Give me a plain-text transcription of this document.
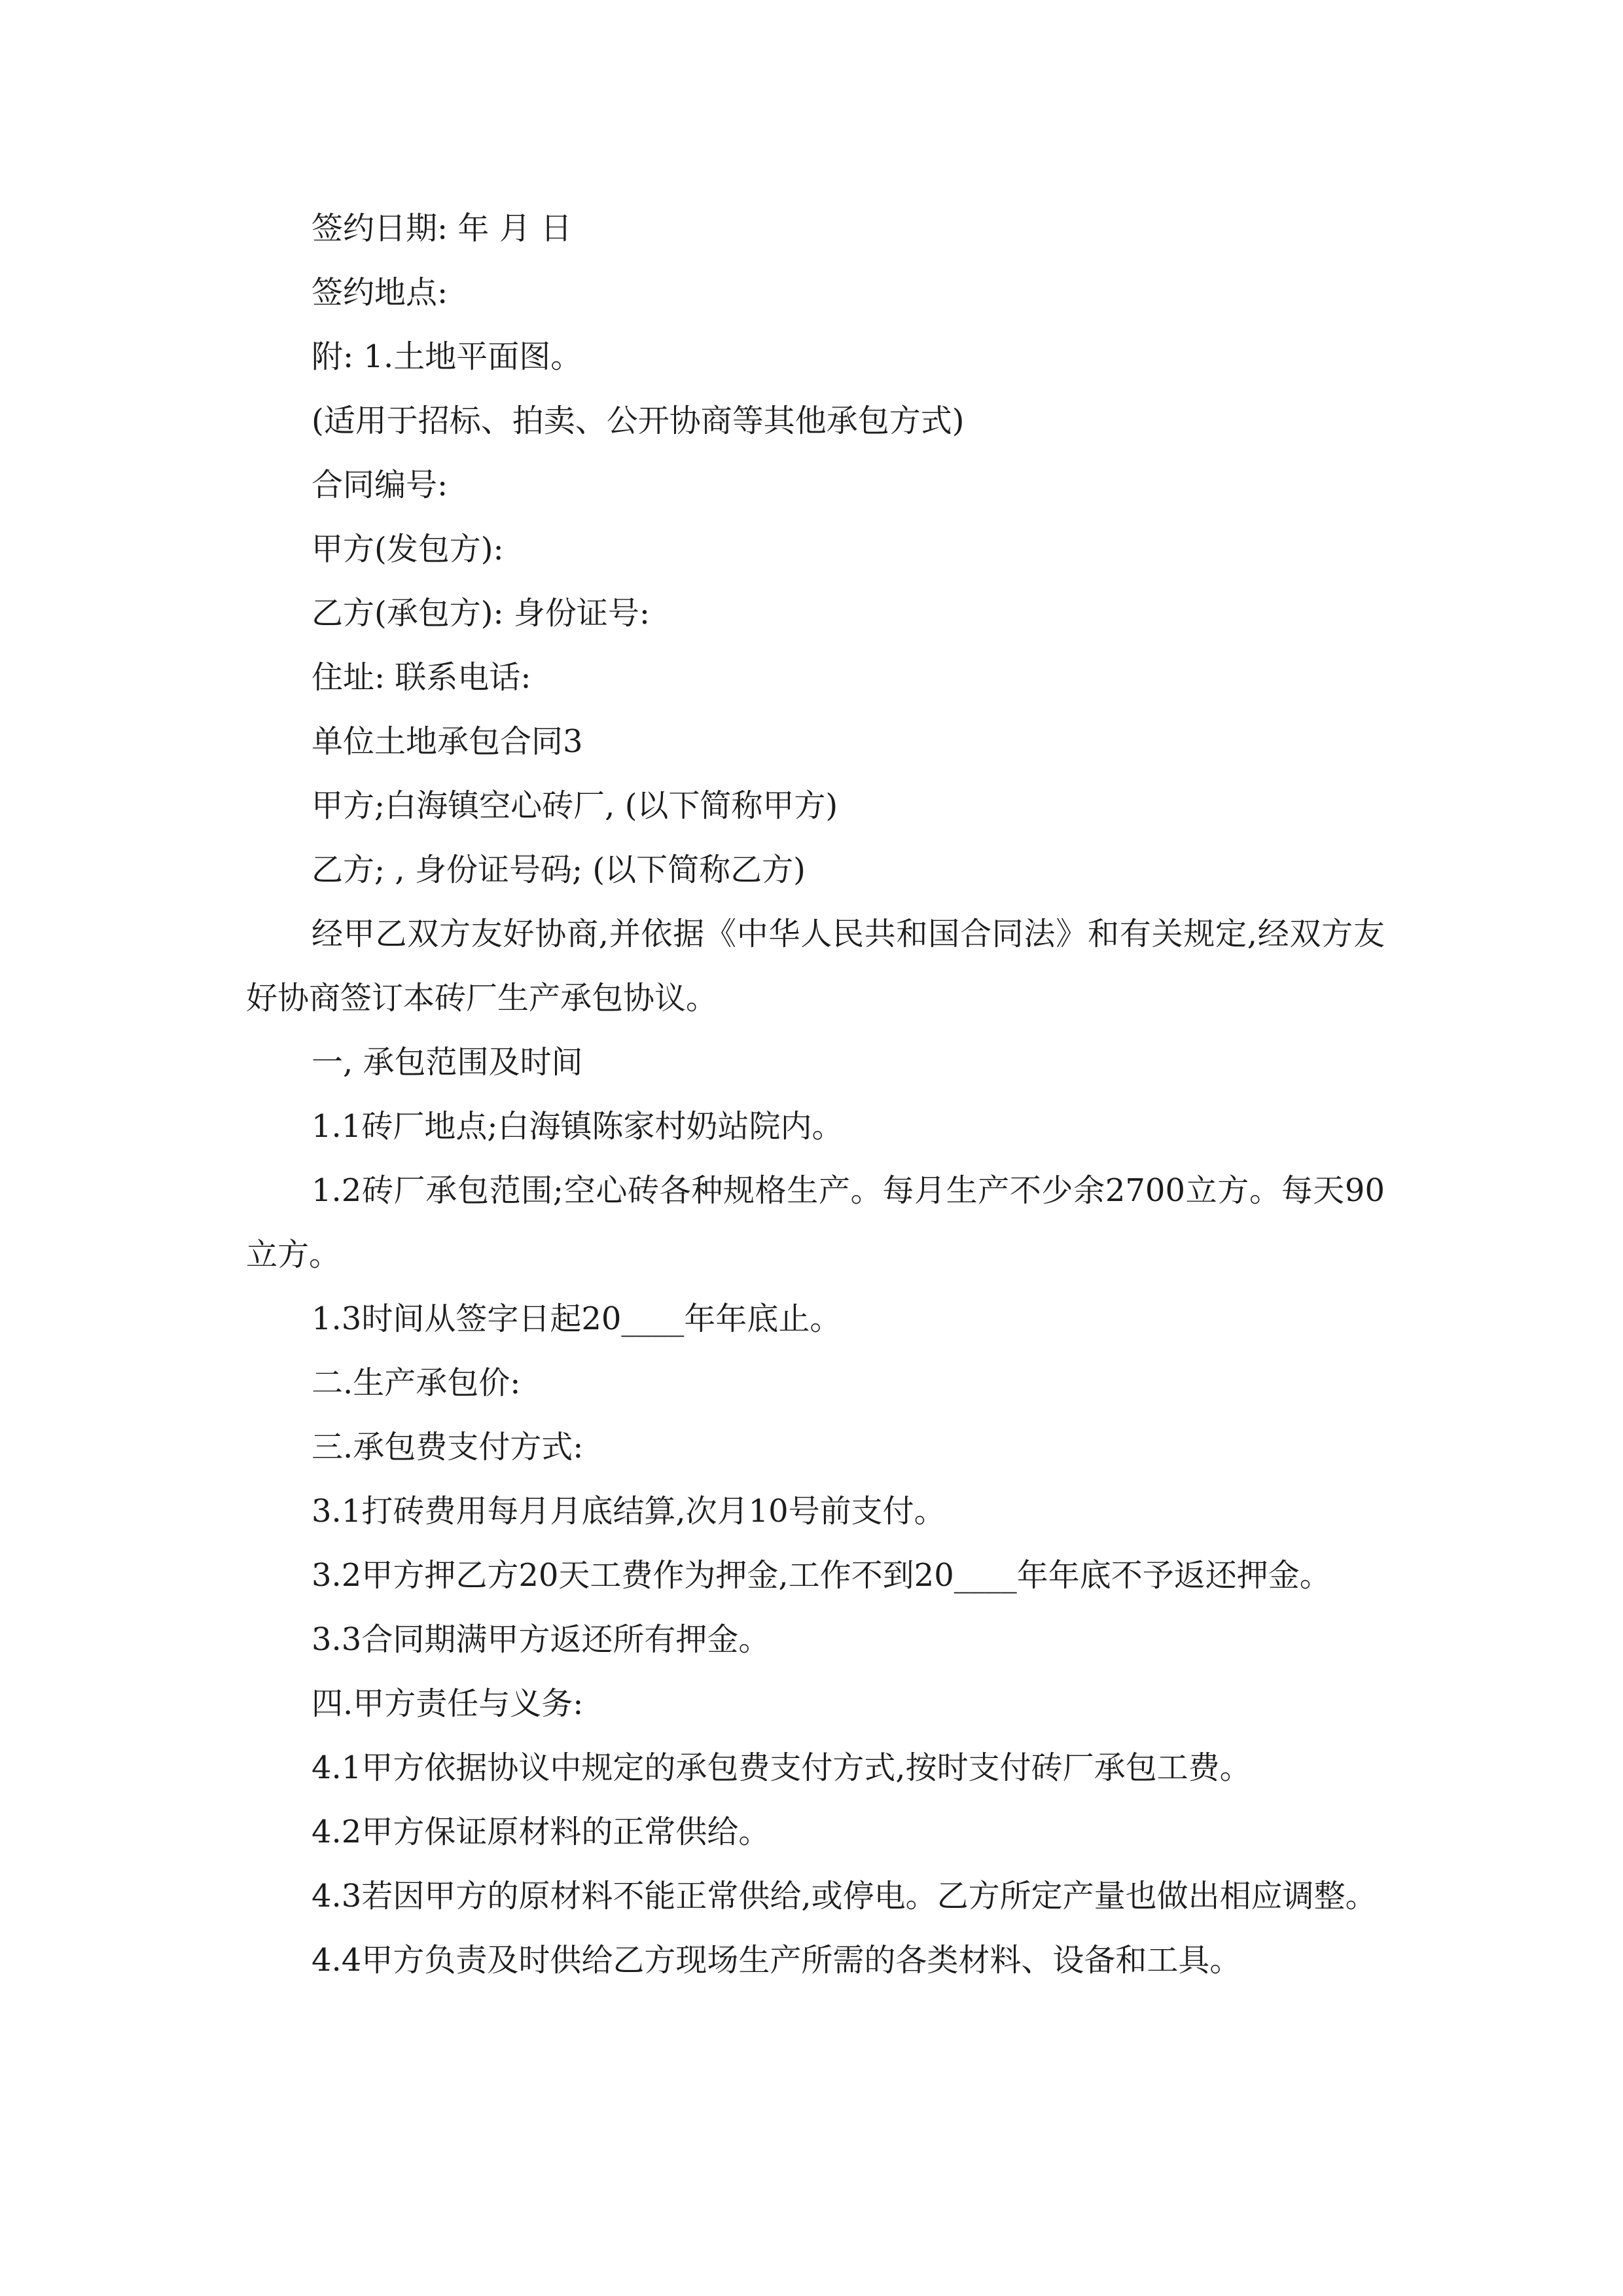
签约日期: 年 月 日

签约地点:

附: 1.土地平面图。

(适用于招标、拍卖、公开协商等其他承包方式)

合同编号:

甲方(发包方):

乙方(承包方): 身份证号:

住址: 联系电话:

单位土地承包合同3

甲方;白海镇空心砖厂, (以下简称甲方)

乙方; , 身份证号码; (以下简称乙方)

经甲乙双方友好协商,并依据《中华人民共和国合同法》和有关规定,经双方友好协商签订本砖厂生产承包协议。

一, 承包范围及时间

1.1砖厂地点;白海镇陈家村奶站院内。

1.2砖厂承包范围;空心砖各种规格生产。每月生产不少余2700立方。每天90立方。

1.3时间从签字日起20____年年底止。

二.生产承包价:

三.承包费支付方式:

3.1打砖费用每月月底结算,次月10号前支付。

3.2甲方押乙方20天工费作为押金,工作不到20____年年底不予返还押金。

3.3合同期满甲方返还所有押金。

四.甲方责任与义务:

4.1甲方依据协议中规定的承包费支付方式,按时支付砖厂承包工费。

4.2甲方保证原材料的正常供给。

4.3若因甲方的原材料不能正常供给,或停电。乙方所定产量也做出相应调整。

4.4甲方负责及时供给乙方现场生产所需的各类材料、设备和工具。
